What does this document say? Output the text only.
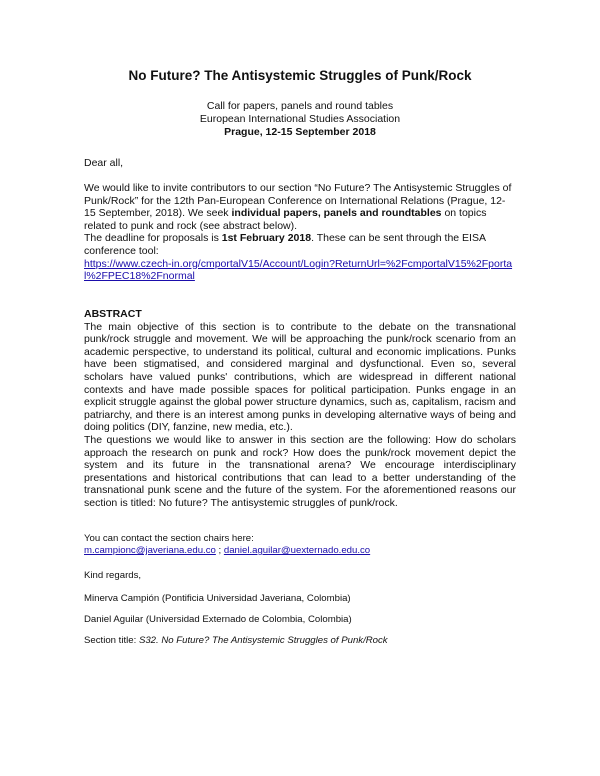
No Future? The Antisystemic Struggles of Punk/Rock
Call for papers, panels and round tables
European International Studies Association
Prague, 12-15 September 2018

Dear all,

We would like to invite contributors to our section “No Future? The Antisystemic Struggles of Punk/Rock” for the 12th Pan-European Conference on International Relations (Prague, 12-15 September, 2018). We seek individual papers, panels and roundtables on topics related to punk and rock (see abstract below).

The deadline for proposals is 1st February 2018. These can be sent through the EISA conference tool:

https://www.czech-in.org/cmportalV15/Account/Login?ReturnUrl=%2FcmportalV15%2Fportal%2FPEC18%2Fnormal

ABSTRACT

The main objective of this section is to contribute to the debate on the transnational punk/rock struggle and movement. We will be approaching the punk/rock scenario from an academic perspective, to understand its political, cultural and economic implications. Punks have been stigmatised, and considered marginal and dysfunctional. Even so, several scholars have valued punks' contributions, which are widespread in different national contexts and have made possible spaces for political participation. Punks engage in an explicit struggle against the global power structure dynamics, such as, capitalism, racism and patriarchy, and there is an interest among punks in developing alternative ways of being and doing politics (DIY, fanzine, new media, etc.).

The questions we would like to answer in this section are the following: How do scholars approach the research on punk and rock? How does the punk/rock movement depict the system and its future in the transnational arena? We encourage interdisciplinary presentations and historical contributions that can lead to a better understanding of the transnational punk scene and the future of the system. For the aforementioned reasons our section is titled: No future? The antisystemic struggles of punk/rock.

You can contact the section chairs here:

m.campionc@javeriana.edu.co ; daniel.aguilar@uexternado.edu.co

Kind regards,

Minerva Campión (Pontificia Universidad Javeriana, Colombia)

Daniel Aguilar (Universidad Externado de Colombia, Colombia)

Section title: S32. No Future? The Antisystemic Struggles of Punk/Rock
